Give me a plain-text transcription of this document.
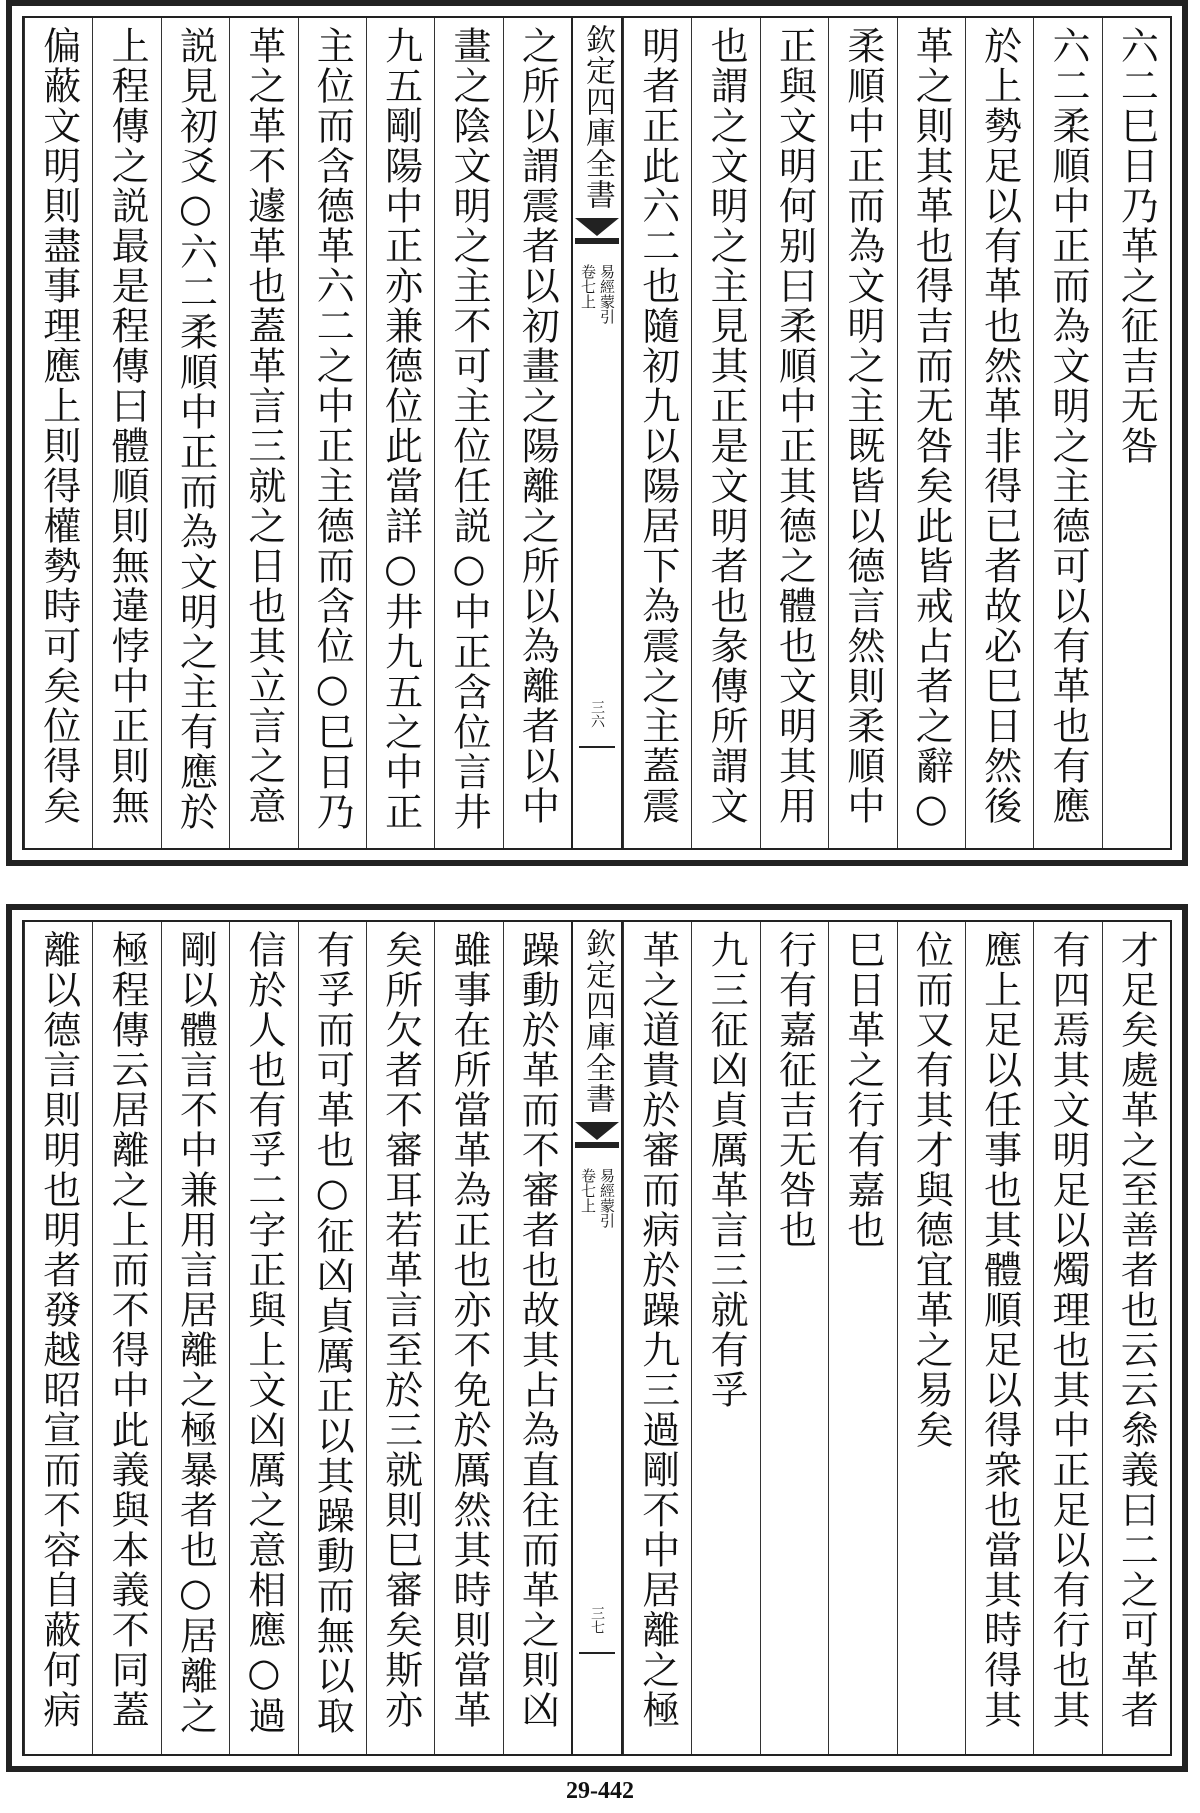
六二巳日乃革之征吉无咎
六二柔順中正而為文明之主德可以有革也有應
於上勢足以有革也然革非得已者故必巳日然後
革之則其革也得吉而无咎矣此皆戒占者之辭○
柔順中正而為文明之主既皆以德言然則柔順中
正與文明何别曰柔順中正其德之體也文明其用
也謂之文明之主見其正是文明者也彖傳所謂文
明者正此六二也隨初九以陽居下為震之主蓋震
欽定四庫全書
易經蒙引
卷七上
三六
之所以謂震者以初畫之陽離之所以為離者以中
畫之陰文明之主不可主位任説○中正含位言井
九五剛陽中正亦兼德位此當詳○井九五之中正
主位而含德革六二之中正主德而含位○巳日乃
革之革不遽革也蓋革言三就之日也其立言之意
説見初爻○六二柔順中正而為文明之主有應於
上程傳之説最是程傳曰體順則無違悖中正則無
偏蔽文明則盡事理應上則得權勢時可矣位得矣
才足矣處革之至善者也云云叅義曰二之可革者
有四焉其文明足以燭理也其中正足以有行也其
應上足以任事也其體順足以得衆也當其時得其
位而又有其才與德宜革之易矣
巳日革之行有嘉也
行有嘉征吉无咎也
九三征凶貞厲革言三就有孚
革之道貴於審而病於躁九三過剛不中居離之極
欽定四庫全書
易經蒙引
卷七上
三七
躁動於革而不審者也故其占為直往而革之則凶
雖事在所當革為正也亦不免於厲然其時則當革
矣所欠者不審耳若革言至於三就則巳審矣斯亦
有孚而可革也○征凶貞厲正以其躁動而無以取
信於人也有孚二字正與上文凶厲之意相應○過
剛以體言不中兼用言居離之極暴者也○居離之
極程傳云居離之上而不得中此義與本義不同蓋
離以德言則明也明者發越昭宣而不容自蔽何病
29-442
